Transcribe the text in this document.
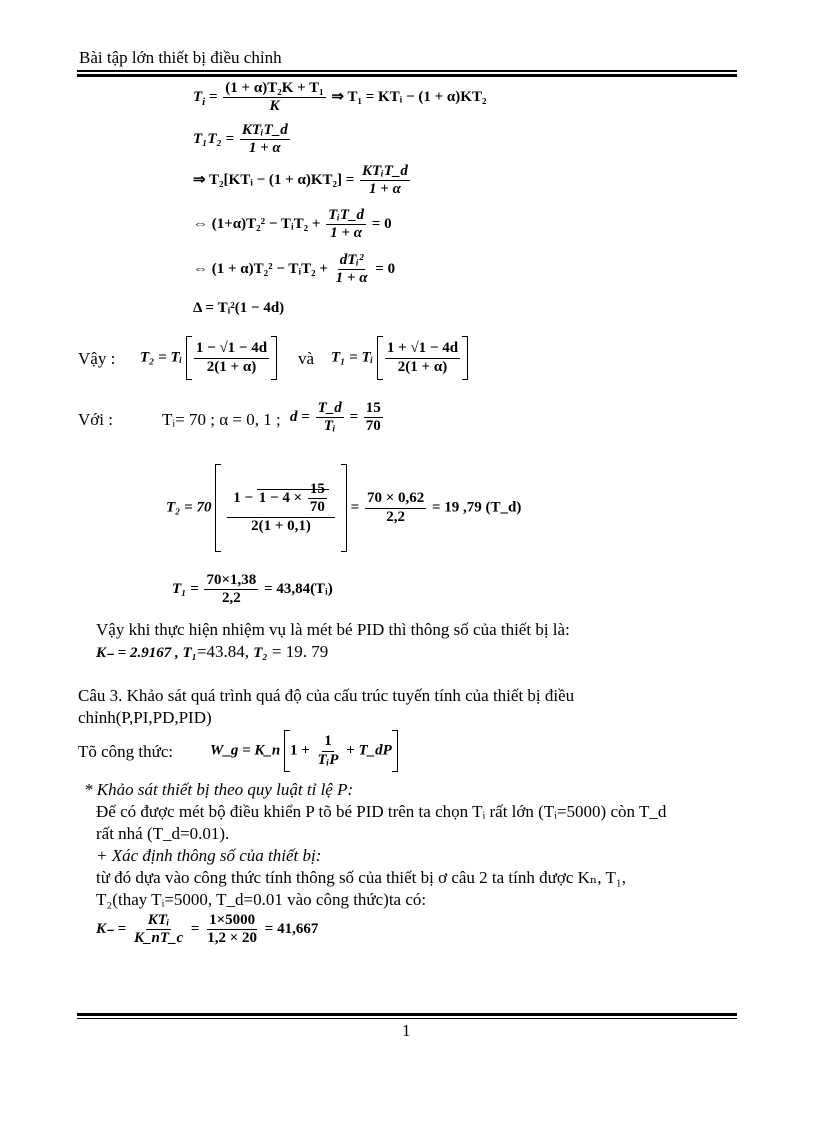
Bài tập lớn thiết bị điều chỉnh
$T_i = \frac{\text{(1 + α)T₂K + T₁}}{K}$ ⇒ T₁ = KTᵢ − (1 + α)KT₂
$T_1T_2 = \frac{\text{KTᵢT\_d}}{1 + \alpha}$
⇒ T₂[KTᵢ − $(1 + \alpha)KT_2] = \frac{\text{KTᵢT\_d}}{1 + \alpha}$
⇔ (1+α)T₂² − TᵢT₂ + $\frac{\text{TᵢT\_d}}{1 + \alpha} = 0$
⇔ (1 + α)T₂² − TᵢT₂ + $\frac{\text{dTᵢ²}}{1 + \alpha} = 0$
Δ = Tᵢ²(1 − 4d)
Vậy : T₂ = Tᵢ $\frac{1 - √1 - 4d}{2(1 + \alpha)}$ và T₁ = Tᵢ $\frac{1 + √1 - 4d}{2(1 + \alpha)}$
Với :	Tᵢ= 70 ; α = 0, 1 ; $d = \frac{T\_d}{\text{Tᵢ}} = \frac{15}{70}$
$T_2 = 70 \frac{1 - 1 - 4 \times \frac{15}{70}}{2(1 + 0,1)} = \frac{70 \times 0,62}{2,2} = 19$ ,79 (T_d)
$T_1 = \frac{70\times 1,38}{2,2}$ = 43,84(Tᵢ)
Vậy khi thực hiện nhiệm vụ là mét bé PID thì thông số của thiết bị là:
K₋ = 2.9167 , T₁=43.84, T₂ = 19. 79
Câu 3. Khảo sát quá trình quá độ của cấu trúc tuyến tính của thiết bị điều
chỉnh(P,PI,PD,PID)
Tõ công thức: W_g = K_n $1 + \frac{1}{\text{TᵢP}}$ + T_dP
* Khảo sát thiết bị theo quy luật tỉ lệ P:
Để có được mét bộ điều khiển P tõ bé PID trên ta chọn Tᵢ rất lớn (Tᵢ=5000) còn T_d
rất nhá (T_d=0.01).
+ Xác định thông số của thiết bị:
từ đó dựa vào công thức tính thông số của thiết bị ơ câu 2 ta tính được Kₙ, T₁,
T₂(thay Tᵢ=5000, T_d=0.01 vào công thức)ta có:
$K_- = \frac{\text{KTᵢ}}{K\_nT\_c} = \frac{1\times 5000}{1,2 \times 20} = 41,667$
1
